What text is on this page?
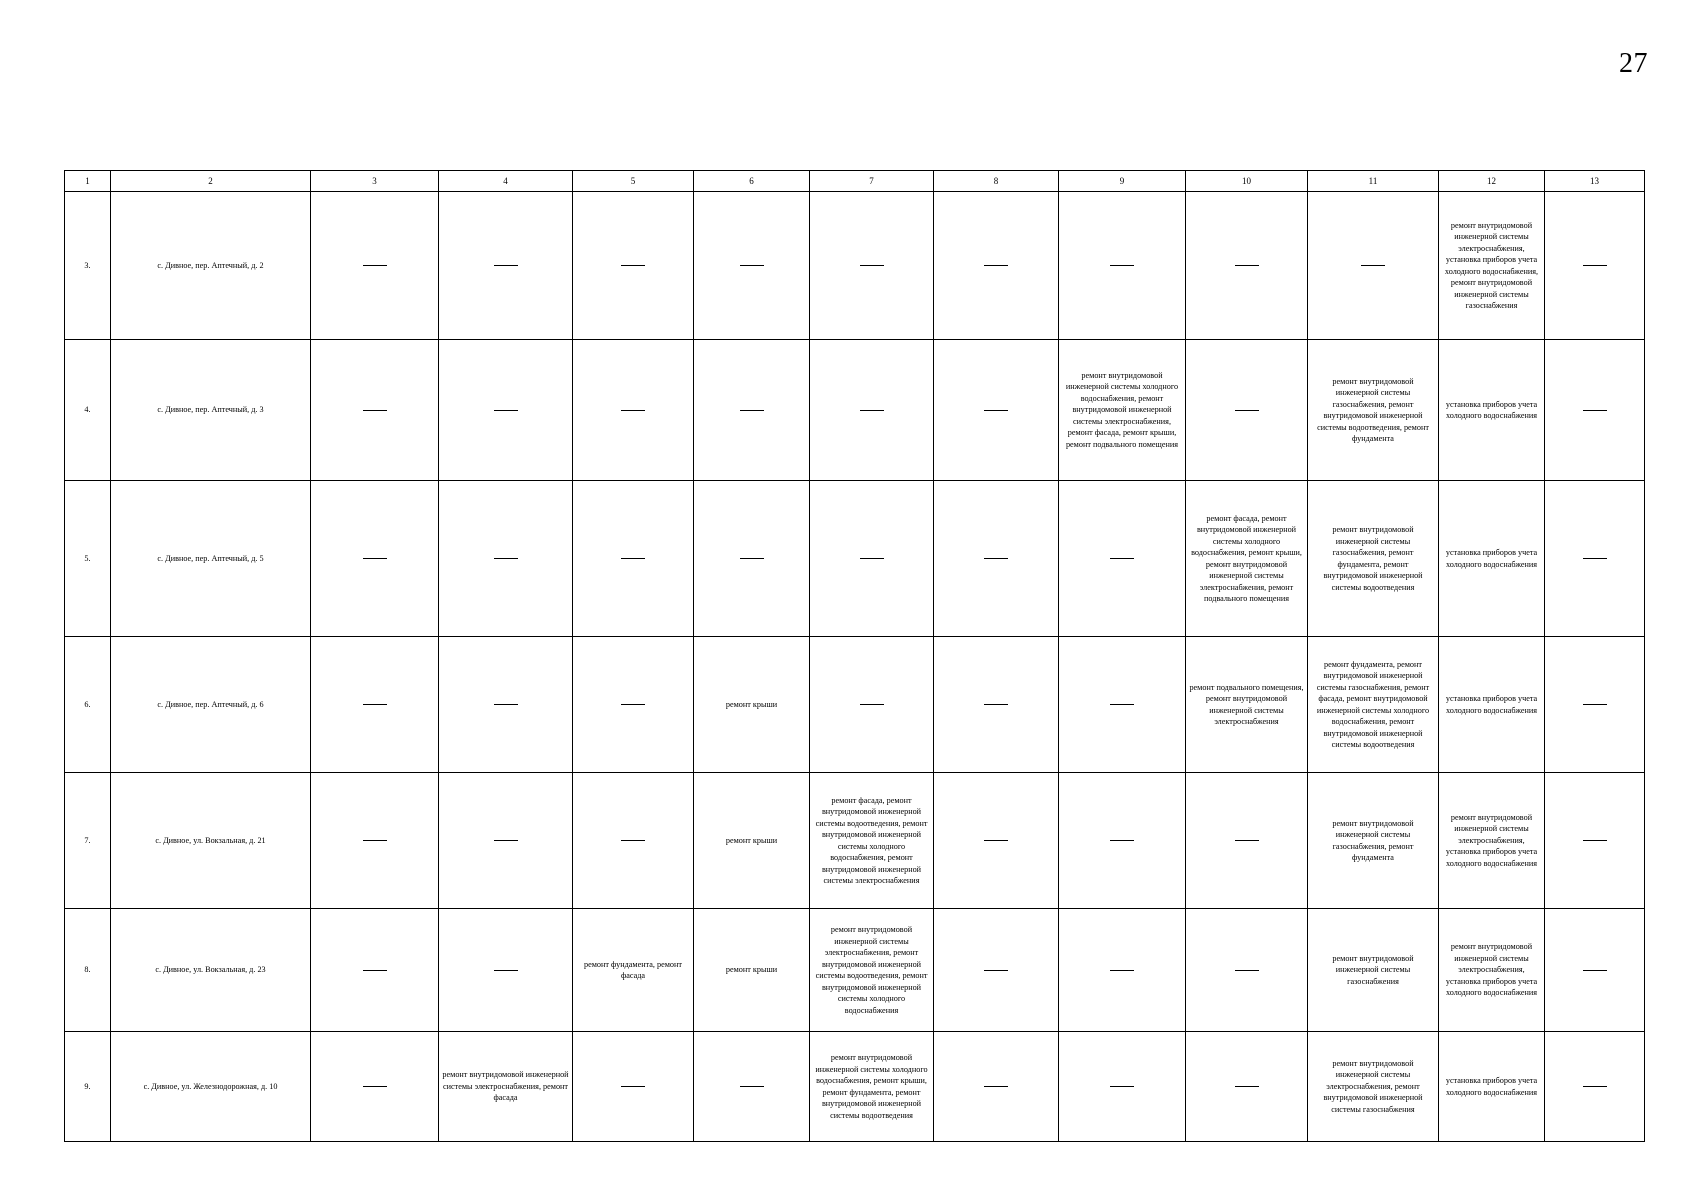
27
1	2	3	4	5	6	7	8	9	10	11	12	13
3.	с. Дивное, пер. Аптечный, д. 2										ремонт внутридомовой инженерной системы электроснабжения, установка приборов учета холодного водоснабжения, ремонт внутридомовой инженерной системы газоснабжения	
4.	с. Дивное, пер. Аптечный, д. 3							ремонт внутридомовой инженерной системы холодного водоснабжения, ремонт внутридомовой инженерной системы электроснабжения, ремонт фасада, ремонт крыши, ремонт подвального помещения		ремонт внутридомовой инженерной системы газоснабжения, ремонт внутридомовой инженерной системы водоотведения, ремонт фундамента	установка приборов учета холодного водоснабжения	
5.	с. Дивное, пер. Аптечный, д. 5								ремонт фасада, ремонт внутридомовой инженерной системы холодного водоснабжения, ремонт крыши, ремонт внутридомовой инженерной системы электроснабжения, ремонт подвального помещения	ремонт внутридомовой инженерной системы газоснабжения, ремонт фундамента, ремонт внутридомовой инженерной системы водоотведения	установка приборов учета холодного водоснабжения	
6.	с. Дивное, пер. Аптечный, д. 6				ремонт крыши				ремонт подвального помещения, ремонт внутридомовой инженерной системы электроснабжения	ремонт фундамента, ремонт внутридомовой инженерной системы газоснабжения, ремонт фасада, ремонт внутридомовой инженерной системы холодного водоснабжения, ремонт внутридомовой инженерной системы водоотведения	установка приборов учета холодного водоснабжения	
7.	с. Дивное, ул. Вокзальная, д. 21				ремонт крыши	ремонт фасада, ремонт внутридомовой инженерной системы водоотведения, ремонт внутридомовой инженерной системы холодного водоснабжения, ремонт внутридомовой инженерной системы электроснабжения				ремонт внутридомовой инженерной системы газоснабжения, ремонт фундамента	ремонт внутридомовой инженерной системы электроснабжения, установка приборов учета холодного водоснабжения	
8.	с. Дивное, ул. Вокзальная, д. 23			ремонт фундамента, ремонт фасада	ремонт крыши	ремонт внутридомовой инженерной системы электроснабжения, ремонт внутридомовой инженерной системы водоотведения, ремонт внутридомовой инженерной системы холодного водоснабжения				ремонт внутридомовой инженерной системы газоснабжения	ремонт внутридомовой инженерной системы электроснабжения, установка приборов учета холодного водоснабжения	
9.	с. Дивное, ул. Железнодорожная, д. 10		ремонт внутридомовой инженерной системы электроснабжения, ремонт фасада			ремонт внутридомовой инженерной системы холодного водоснабжения, ремонт крыши, ремонт фундамента, ремонт внутридомовой инженерной системы водоотведения				ремонт внутридомовой инженерной системы электроснабжения, ремонт внутридомовой инженерной системы газоснабжения	установка приборов учета холодного водоснабжения	
